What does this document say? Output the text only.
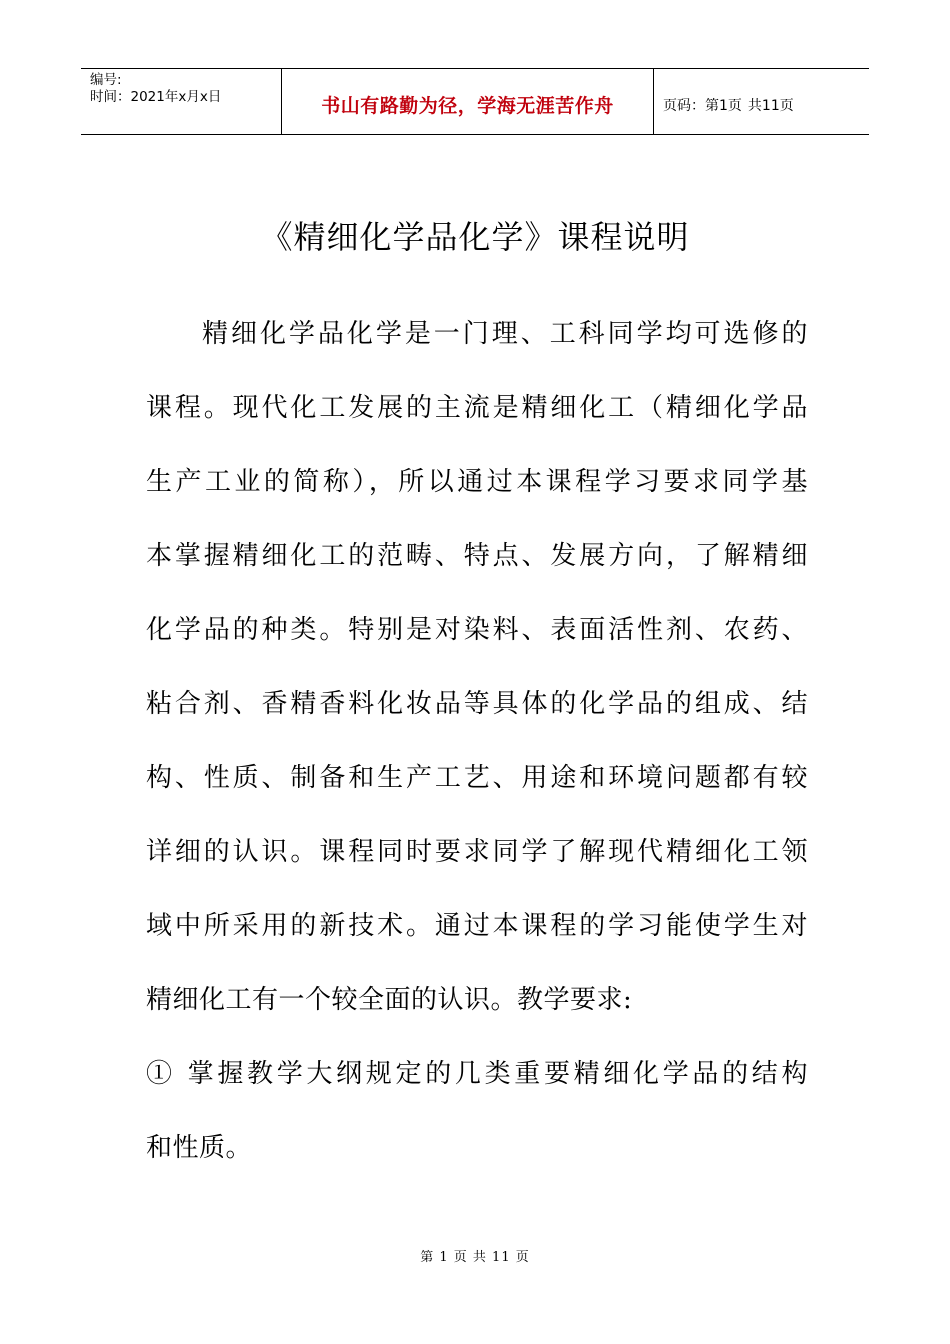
编号:
时间：2021年x月x日	书山有路勤为径，学海无涯苦作舟	页码：第1页 共11页
《精细化学品化学》课程说明
精细化学品化学是一门理、工科同学均可选修的
课程。现代化工发展的主流是精细化工（精细化学品
生产工业的简称），所以通过本课程学习要求同学基
本掌握精细化工的范畴、特点、发展方向，了解精细
化学品的种类。特别是对染料、表面活性剂、农药、
粘合剂、香精香料化妆品等具体的化学品的组成、结
构、性质、制备和生产工艺、用途和环境问题都有较
详细的认识。课程同时要求同学了解现代精细化工领
域中所采用的新技术。通过本课程的学习能使学生对
精细化工有一个较全面的认识。教学要求:
① 掌握教学大纲规定的几类重要精细化学品的结构
和性质。
第 1 页 共 11 页
